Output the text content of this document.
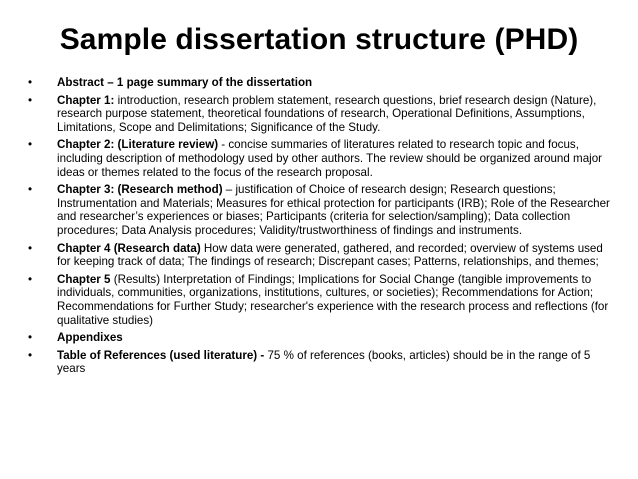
Sample dissertation structure (PHD)
• Abstract – 1 page summary of the dissertation
• Chapter 1: introduction, research problem statement, research questions, brief research design (Nature), research purpose statement, theoretical foundations of research, Operational Definitions, Assumptions, Limitations, Scope and Delimitations; Significance of the Study.
• Chapter 2: (Literature review) - concise summaries of literatures related to research topic and focus, including description of methodology used by other authors. The review should be organized around major ideas or themes related to the focus of the research proposal.
• Chapter 3: (Research method) – justification of Choice of research design; Research questions; Instrumentation and Materials; Measures for ethical protection for participants (IRB); Role of the Researcher and researcher’s experiences or biases; Participants (criteria for selection/sampling); Data collection procedures; Data Analysis procedures; Validity/trustworthiness of findings and instruments.
• Chapter 4 (Research data) How data were generated, gathered, and recorded; overview of systems used for keeping track of data; The findings of research; Discrepant cases; Patterns, relationships, and themes;
• Chapter 5 (Results) Interpretation of Findings; Implications for Social Change (tangible improvements to individuals, communities, organizations, institutions, cultures, or societies); Recommendations for Action; Recommendations for Further Study; researcher's experience with the research process and reflections (for qualitative studies)
• Appendixes
• Table of References (used literature) - 75 % of references (books, articles) should be in the range of 5 years
